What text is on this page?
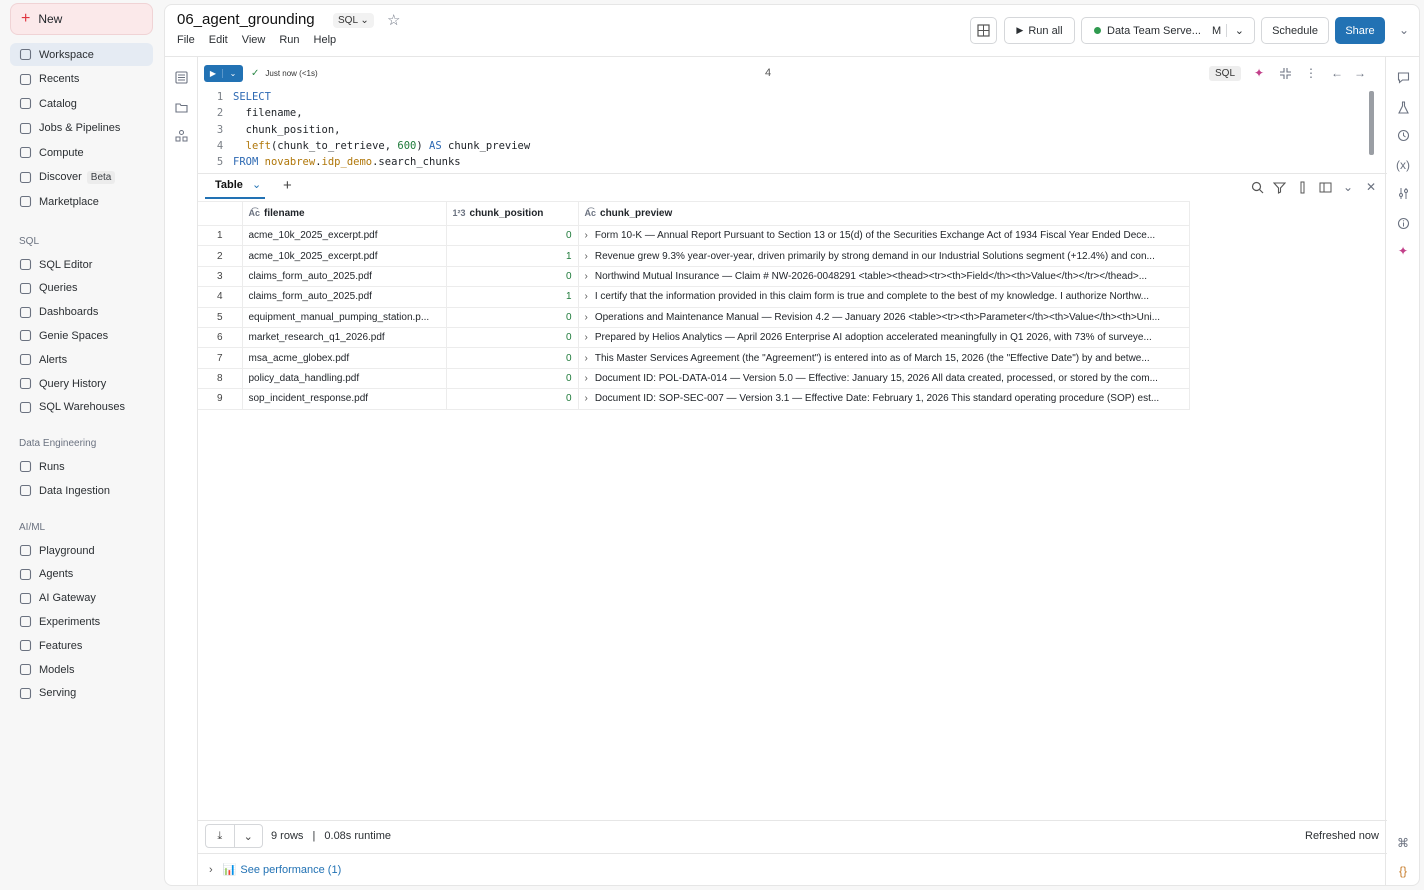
+ New
Workspace
Recents
Catalog
Jobs & Pipelines
Compute
Discover Beta
Marketplace
SQL
SQL Editor
Queries
Dashboards
Genie Spaces
Alerts
Query History
SQL Warehouses
Data Engineering
Runs
Data Ingestion
AI/ML
Playground
Agents
AI Gateway
Experiments
Features
Models
Serving
06_agent_grounding	SQL ⌄	☆
File Edit View Run Help
▶ Run all	Data Team Serve... M	⌄	Schedule	Share	⌄
(x)
✦
⌘
{}
▶	⌄	✓ Just now (<1s)	4	SQL	✦	⋮ ← →
1 SELECT
2  filename,
3  chunk_position,
4 left(chunk_to_retrieve, 600) AS chunk_preview
5 FROM novabrew.idp_demo.search_chunks
Table ⌄ +	⌄ ✕
	A͡c filename	1²3 chunk_position	A͡c chunk_preview
1	acme_10k_2025_excerpt.pdf	0	› Form 10-K — Annual Report Pursuant to Section 13 or 15(d) of the Securities Exchange Act of 1934 Fiscal Year Ended Dece...
2	acme_10k_2025_excerpt.pdf	1	› Revenue grew 9.3% year-over-year, driven primarily by strong demand in our Industrial Solutions segment (+12.4%) and con...
3	claims_form_auto_2025.pdf	0	› Northwind Mutual Insurance — Claim # NW-2026-0048291 <table><thead><tr><th>Field</th><th>Value</th></tr></thead>...
4	claims_form_auto_2025.pdf	1	› I certify that the information provided in this claim form is true and complete to the best of my knowledge. I authorize Northw...
5	equipment_manual_pumping_station.p...	0	› Operations and Maintenance Manual — Revision 4.2 — January 2026 <table><tr><th>Parameter</th><th>Value</th><th>Uni...
6	market_research_q1_2026.pdf	0	› Prepared by Helios Analytics — April 2026 Enterprise AI adoption accelerated meaningfully in Q1 2026, with 73% of surveye...
7	msa_acme_globex.pdf	0	› This Master Services Agreement (the "Agreement") is entered into as of March 15, 2026 (the "Effective Date") by and betwe...
8	policy_data_handling.pdf	0	› Document ID: POL-DATA-014 — Version 5.0 — Effective: January 15, 2026 All data created, processed, or stored by the com...
9	sop_incident_response.pdf	0	› Document ID: SOP-SEC-007 — Version 3.1 — Effective Date: February 1, 2026 This standard operating procedure (SOP) est...
⤓	⌄	9 rows | 0.08s runtime	Refreshed now
› 📊 See performance (1)
